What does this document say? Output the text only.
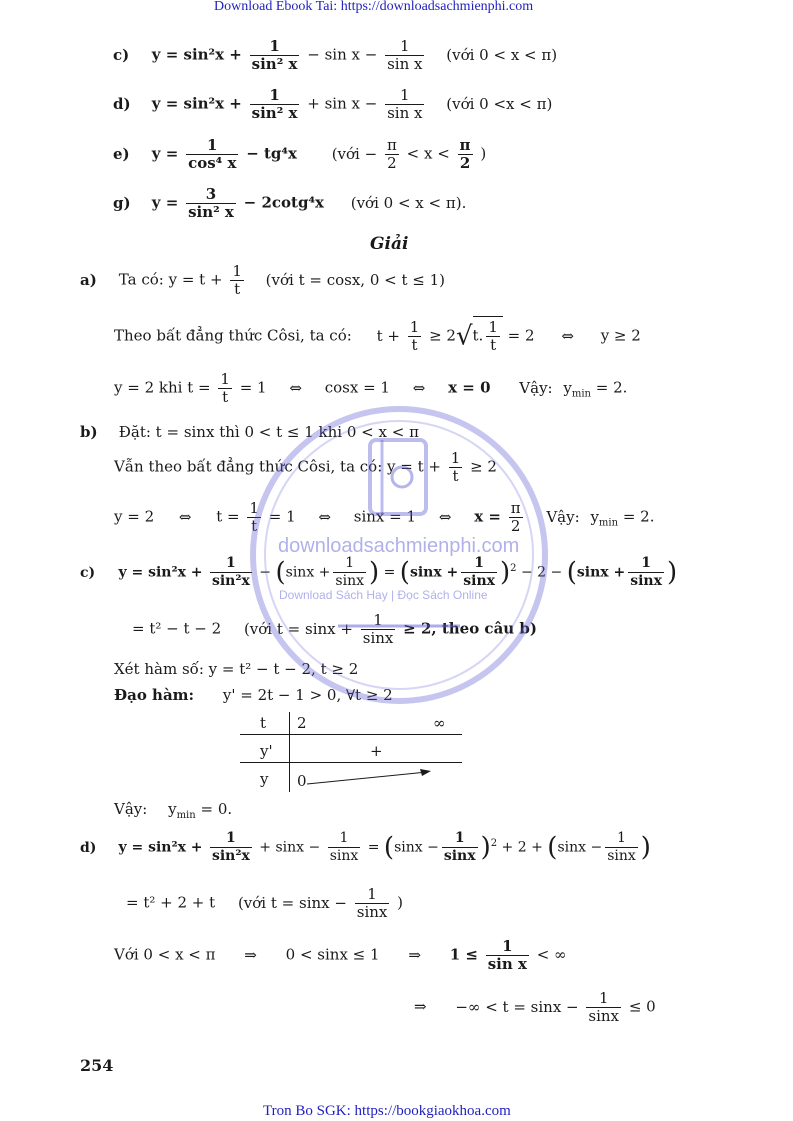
Download Ebook Tai: https://downloadsachmienphi.com
c) $y = \sin^2x + \frac{1}{\text{sin² x}} - \sin x - \frac{1}{\text{sin x}}$ (với 0 < x < π)
d) $y = \sin^2x + \frac{1}{\text{sin² x}} + \sin x - \frac{1}{\text{sin x}}$ (với 0 <x < π)
e) $y = \frac{1}{\text{cos⁴ x}} - tg^4x$ (với − $\frac{\pi}{2} < x < \frac{\pi}{2}$ )
g) $y = \frac{3}{\text{sin² x}} - 2\cot g^4x$ (với 0 < x < π).
Giải
a) Ta có: $y = t + \frac{1}{t}$ (với t = cosx, 0 < t ≤ 1)
Theo bất đẳng thức Côsi, ta có: $t + \frac{1}{t} \ge 2√t$. $\frac{1}{t} = 2$ ⇔ y ≥ 2
y = 2 khi $t = \frac{1}{t} = 1$ ⇔ cosx = 1 ⇔ x = 0 Vậy: $y_{min} = 2$.
b) Đặt: t = sinx thì 0 < t ≤ 1 khi 0 < x < π
Vẫn theo bất đẳng thức Côsi, ta có: $y = t + \frac{1}{t} \ge 2$
y = 2 ⇔ $t = \frac{1}{t} = 1$ ⇔ sinx = 1 ⇔ $x = \frac{\pi}{2}$ Vậy: $y_{min} = 2$.
c) $y = \sin^2x + \frac{1}{\text{sin²x}} - (\sin x + \frac{1}{\sin x}$ ) = $(\sin x + \frac{1}{\sin x} )^2 - 2 - (\sin x + \frac{1}{\sin x}$ )
= t² − t − 2 (với $t = \sin x + \frac{1}{\sin x} \ge 2$, theo câu b)
Xét hàm số: y = t² − t − 2, t ≥ 2
Đạo hàm: y' = 2t − 1 > 0, ∀t ≥ 2
t 2	∞
y'	+
y 0
Vậy: $y_{min} = 0$.
d) $y = \sin^2x + \frac{1}{\text{sin²x}} + \sin x - \frac{1}{\sin x} = (\sin x - \frac{1}{\sin x} )^2 + 2 + (\sin x - \frac{1}{\sin x}$ )
= t² + 2 + t (với $t = \sin x - \frac{1}{\sin x}$ )
Với 0 < x < π ⇒ 0 < sinx ≤ 1 ⇒ $1 \le \frac{1}{\text{sin x}}$ < ∞
⇒ −∞ < $t = \sin x - \frac{1}{\sin x} \le 0$
254
Tron Bo SGK: https://bookgiaokhoa.com
downloadsachmienphi.com
Download Sách Hay | Đọc Sách Online
